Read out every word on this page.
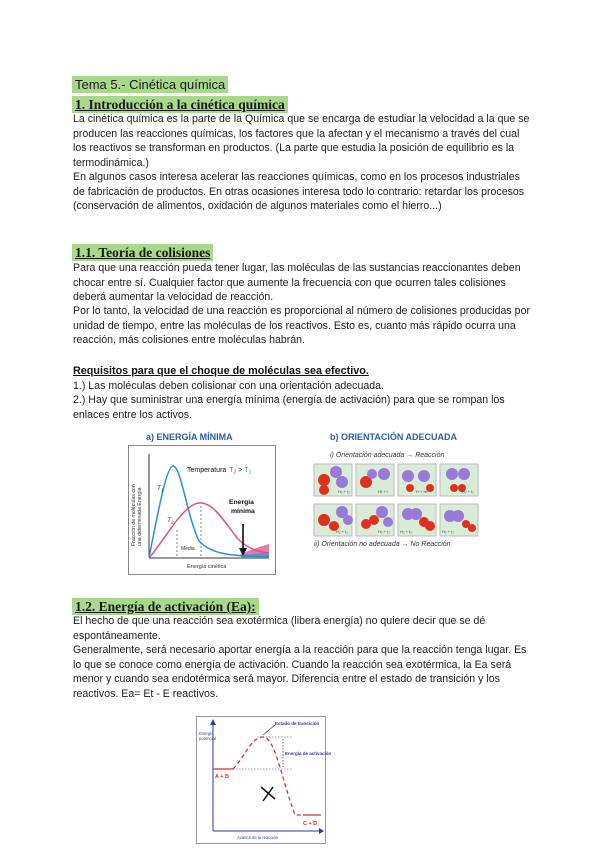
Tema 5.- Cinética química
1. Introducción a la cinética química

La cinética química es la parte de la Química que se encarga de estudiar la velocidad a la que se producen las reacciones químicas, los factores que la afectan y el mecanismo a través del cual los reactivos se transforman en productos. (La parte que estudia la posición de equilibrio es la termodinámica.)

En algunos casos interesa acelerar las reacciones químicas, como en los procesos industriales de fabricación de productos. En otras ocasiones interesa todo lo contrario: retardar los procesos (conservación de alimentos, oxidación de algunos materiales como el hierro...)

1.1. Teoría de colisiones

Para que una reacción pueda tener lugar, las moléculas de las sustancias reaccionantes deben chocar entre sí. Cualquier factor que aumente la frecuencia con que ocurren tales colisiones deberá aumentar la velocidad de reacción.

Por lo tanto, la velocidad de una reacción es proporcional al número de colisiones producidas por unidad de tiempo, entre las moléculas de los reactivos. Esto es, cuanto más rápido ocurra una reacción, más colisiones entre moléculas habrán.

Requisitos para que el choque de moléculas sea efectivo.

1.) Las moléculas deben colisionar con una orientación adecuada.

2.) Hay que suministrar una energía mínima (energía de activación) para que se rompan los enlaces entre los activos.

a) ENERGÍA MÍNIMA
Fracción de moléculas con una determinada Energía $T_1$
$T_2$
Temperatura $T_2 > T_1$
Energía
mínima
Media
Energía cinética
b) ORIENTACIÓN ADECUADA
i) Orientación adecuada → Reacción
H₂ + I₂	HI + I	H + HI	H₂ + I₂
H₂ + I₂	H₂ + I₂	H₂ + I₂	H₂ + I₂
ii) Orientación no adecuada → No Reacción
1.2. Energía de activación (Ea):

El hecho de que una reacción sea exotérmica (libera energía) no quiere decir que se dé espontáneamente.

Generalmente, será necesario aportar energía a la reacción para que la reacción tenga lugar. Es lo que se conoce como energía de activación. Cuando la reacción sea exotérmica, la Ea será menor y cuando sea endotérmica será mayor. Diferencia entre el estado de transición y los reactivos. Ea= Et - E reactivos.

Energía
potencial
Estado de transición
Energía de activación
A + B
C + D
Avance de la reacción
